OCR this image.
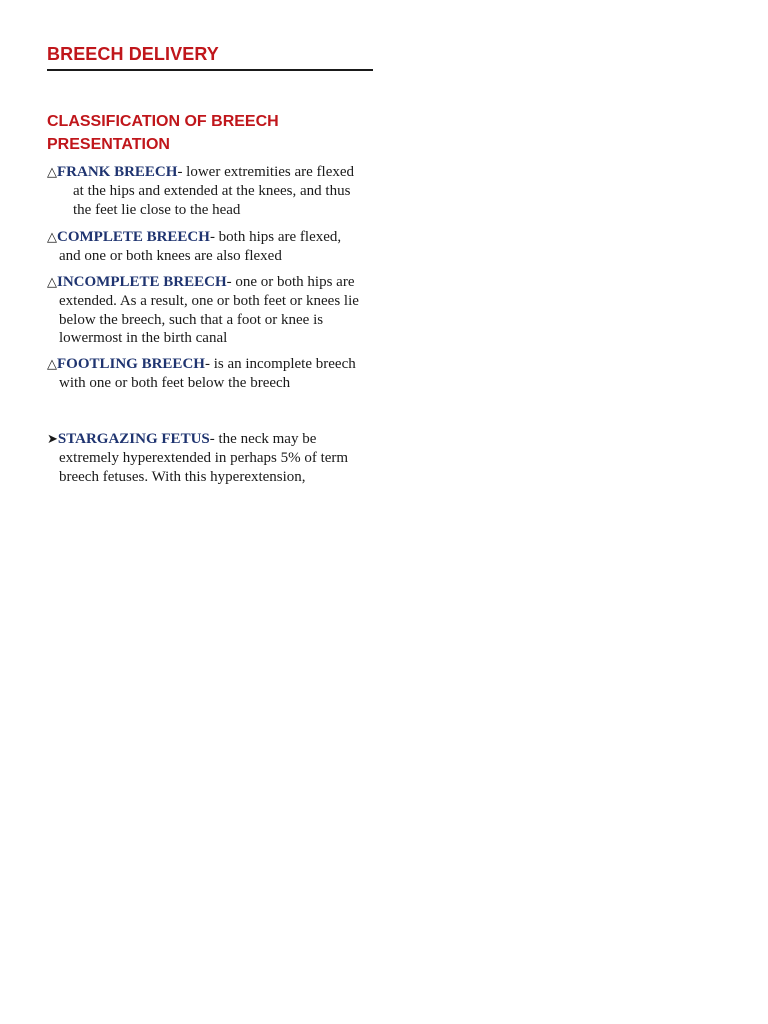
BREECH DELIVERY
CLASSIFICATION OF BREECH PRESENTATION

△FRANK BREECH- lower extremities are flexed
at the hips and extended at the knees, and thus
the feet lie close to the head

△COMPLETE BREECH- both hips are flexed,
and one or both knees are also flexed

△INCOMPLETE BREECH- one or both hips are
extended. As a result, one or both feet or knees lie
below the breech, such that a foot or knee is
lowermost in the birth canal

△FOOTLING BREECH- is an incomplete breech
with one or both feet below the breech

➤STARGAZING FETUS- the neck may be
extremely hyperextended in perhaps 5% of term
breech fetuses. With this hyperextension,
